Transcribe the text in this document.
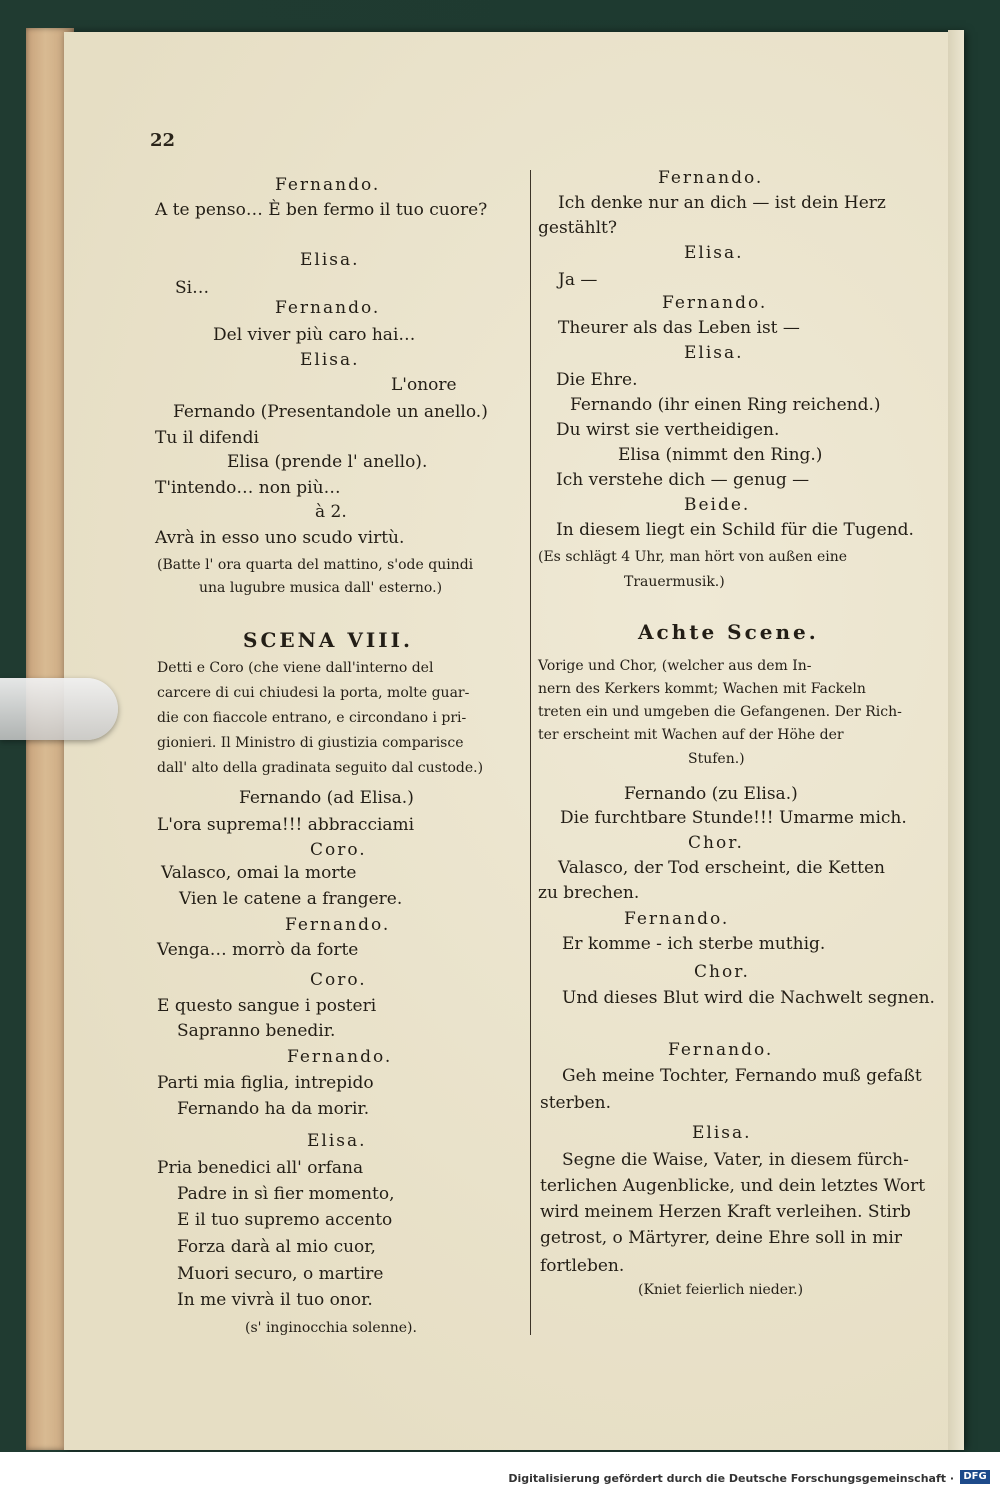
22
Fernando.
A te penso… È ben fermo il tuo cuore?
Elisa.
Si…
Fernando.
Del viver più caro hai…
Elisa.
L'onore
Fernando (Presentandole un anello.)
Tu il difendi
Elisa (prende l' anello).
T'intendo… non più…
à 2.
Avrà in esso uno scudo virtù.
(Batte l' ora quarta del mattino, s'ode quindi
una lugubre musica dall' esterno.)
SCENA VIII.
Detti e Coro (che viene dall'interno del
carcere di cui chiudesi la porta, molte guar-
die con fiaccole entrano, e circondano i pri-
gionieri. Il Ministro di giustizia comparisce
dall' alto della gradinata seguito dal custode.)
Fernando (ad Elisa.)
L'ora suprema!!! abbracciami
Coro.
Valasco, omai la morte
Vien le catene a frangere.
Fernando.
Venga… morrò da forte
Coro.
E questo sangue i posteri
Sapranno benedir.
Fernando.
Parti mia figlia, intrepido
Fernando ha da morir.
Elisa.
Pria benedici all' orfana
Padre in sì fier momento,
E il tuo supremo accento
Forza darà al mio cuor,
Muori securo, o martire
In me vivrà il tuo onor.
(s' inginocchia solenne).
Fernando.
Ich denke nur an dich — ist dein Herz
gestählt?
Elisa.
Ja —
Fernando.
Theurer als das Leben ist —
Elisa.
Die Ehre.
Fernando (ihr einen Ring reichend.)
Du wirst sie vertheidigen.
Elisa (nimmt den Ring.)
Ich verstehe dich — genug —
Beide.
In diesem liegt ein Schild für die Tugend.
(Es schlägt 4 Uhr, man hört von außen eine
Trauermusik.)
Achte Scene.
Vorige und Chor, (welcher aus dem In-
nern des Kerkers kommt; Wachen mit Fackeln
treten ein und umgeben die Gefangenen. Der Rich-
ter erscheint mit Wachen auf der Höhe der
Stufen.)
Fernando (zu Elisa.)
Die furchtbare Stunde!!! Umarme mich.
Chor.
Valasco, der Tod erscheint, die Ketten
zu brechen.
Fernando.
Er komme - ich sterbe muthig.
Chor.
Und dieses Blut wird die Nachwelt segnen.
Fernando.
Geh meine Tochter, Fernando muß gefaßt
sterben.
Elisa.
Segne die Waise, Vater, in diesem fürch-
terlichen Augenblicke, und dein letztes Wort
wird meinem Herzen Kraft verleihen. Stirb
getrost, o Märtyrer, deine Ehre soll in mir
fortleben.
(Kniet feierlich nieder.)
Digitalisierung gefördert durch die Deutsche Forschungsgemeinschaft · DFG
